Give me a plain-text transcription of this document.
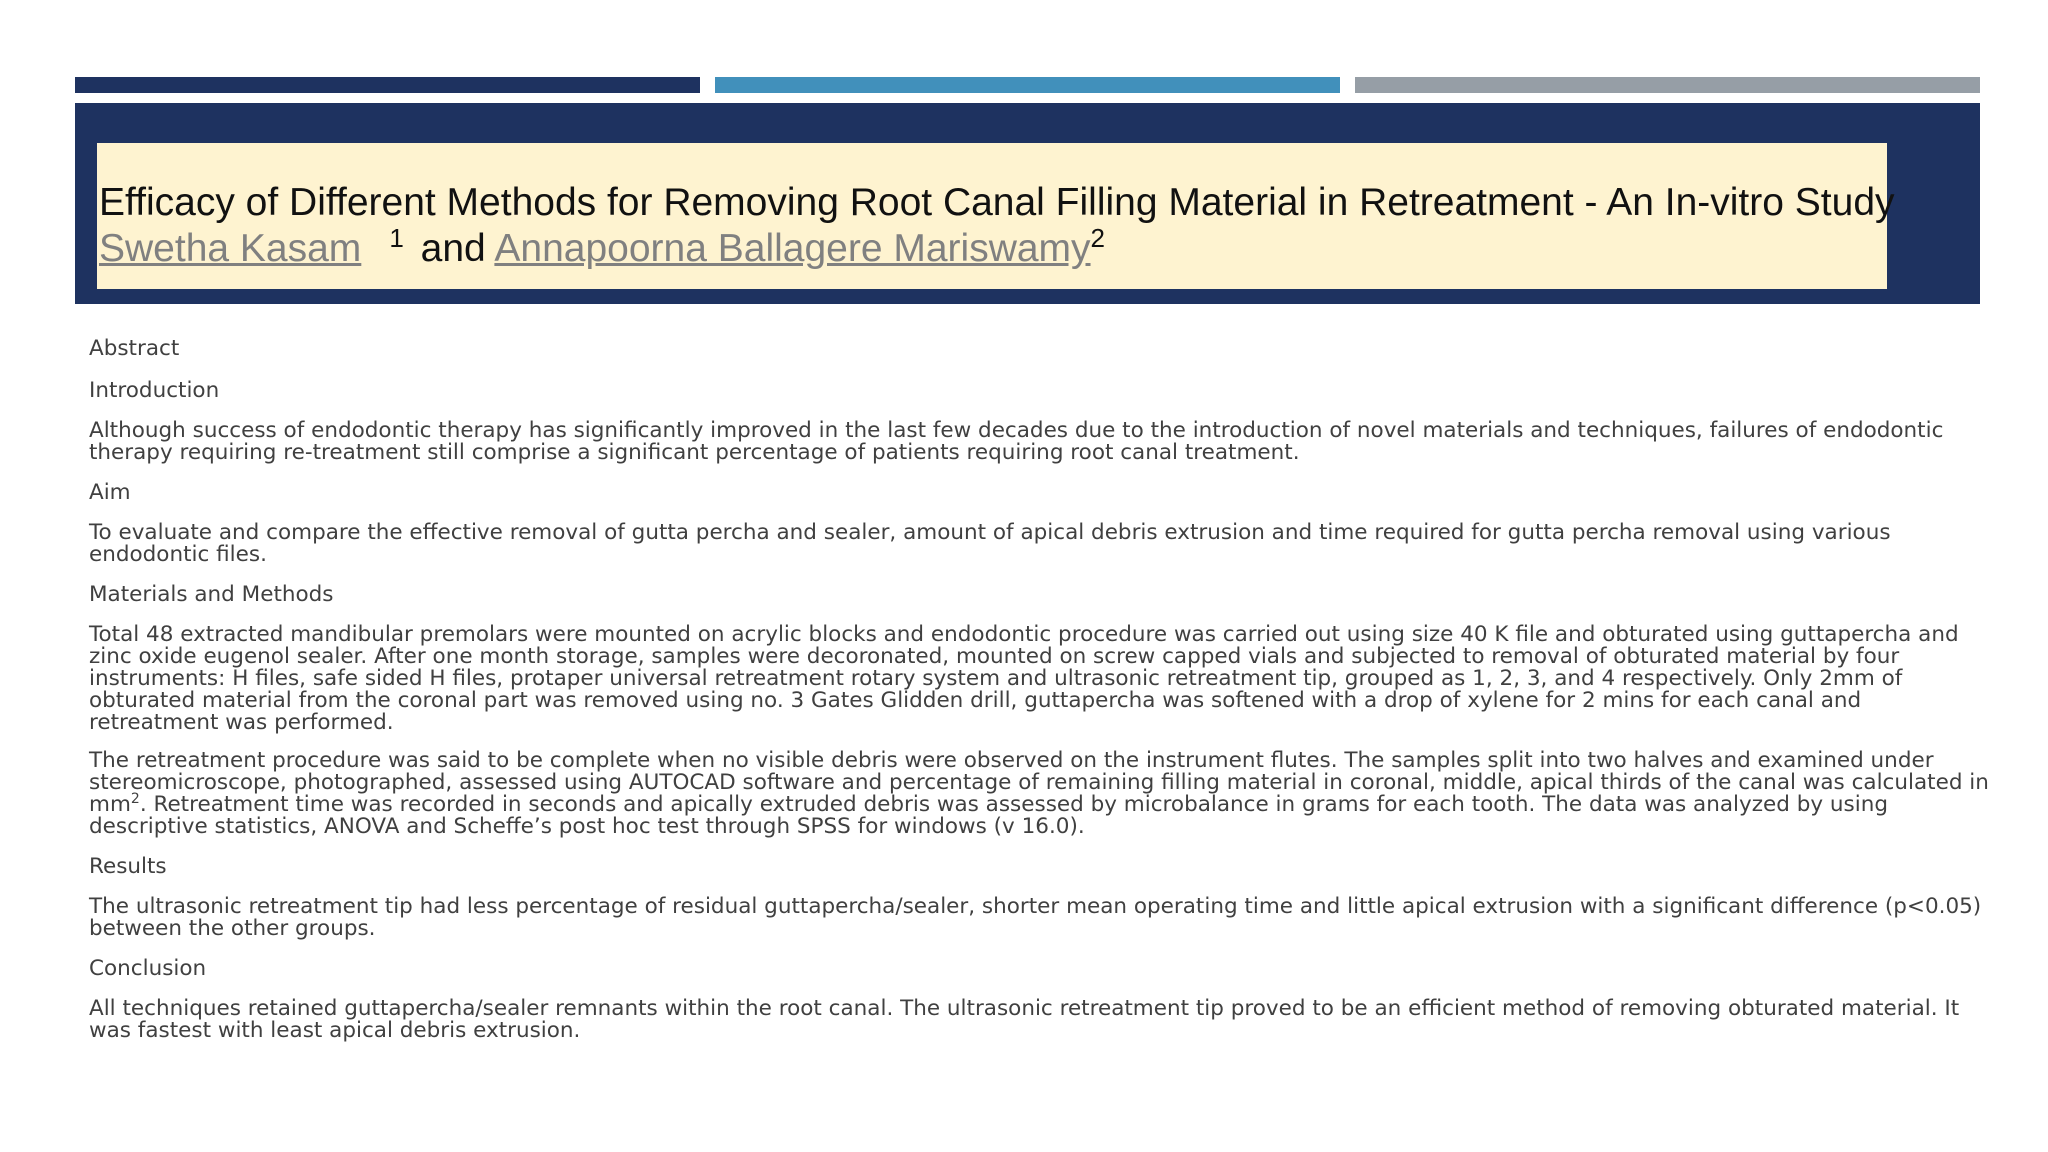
Efficacy of Different Methods for Removing Root Canal Filling Material in Retreatment - An In-vitro Study
Swetha Kasam $^1$ and Annapoorna Ballagere Mariswamy$^2$
Abstract
Introduction
Although success of endodontic therapy has significantly improved in the last few decades due to the introduction of novel materials and techniques, failures of endodontic therapy requiring re-treatment still comprise a significant percentage of patients requiring root canal treatment.
Aim
To evaluate and compare the effective removal of gutta percha and sealer, amount of apical debris extrusion and time required for gutta percha removal using various endodontic files.
Materials and Methods
Total 48 extracted mandibular premolars were mounted on acrylic blocks and endodontic procedure was carried out using size 40 K file and obturated using guttapercha and zinc oxide eugenol sealer. After one month storage, samples were decoronated, mounted on screw capped vials and subjected to removal of obturated material by four instruments: H files, safe sided H files, protaper universal retreatment rotary system and ultrasonic retreatment tip, grouped as 1, 2, 3, and 4 respectively. Only 2mm of obturated material from the coronal part was removed using no. 3 Gates Glidden drill, guttapercha was softened with a drop of xylene for 2 mins for each canal and retreatment was performed.
The retreatment procedure was said to be complete when no visible debris were observed on the instrument flutes. The samples split into two halves and examined under stereomicroscope, photographed, assessed using AUTOCAD software and percentage of remaining filling material in coronal, middle, apical thirds of the canal was calculated in $mm^2$. Retreatment time was recorded in seconds and apically extruded debris was assessed by microbalance in grams for each tooth. The data was analyzed by using descriptive statistics, ANOVA and Scheffe’s post hoc test through SPSS for windows (v 16.0).
Results
The ultrasonic retreatment tip had less percentage of residual guttapercha/sealer, shorter mean operating time and little apical extrusion with a significant difference (p<0.05) between the other groups.
Conclusion
All techniques retained guttapercha/sealer remnants within the root canal. The ultrasonic retreatment tip proved to be an efficient method of removing obturated material. It was fastest with least apical debris extrusion.
